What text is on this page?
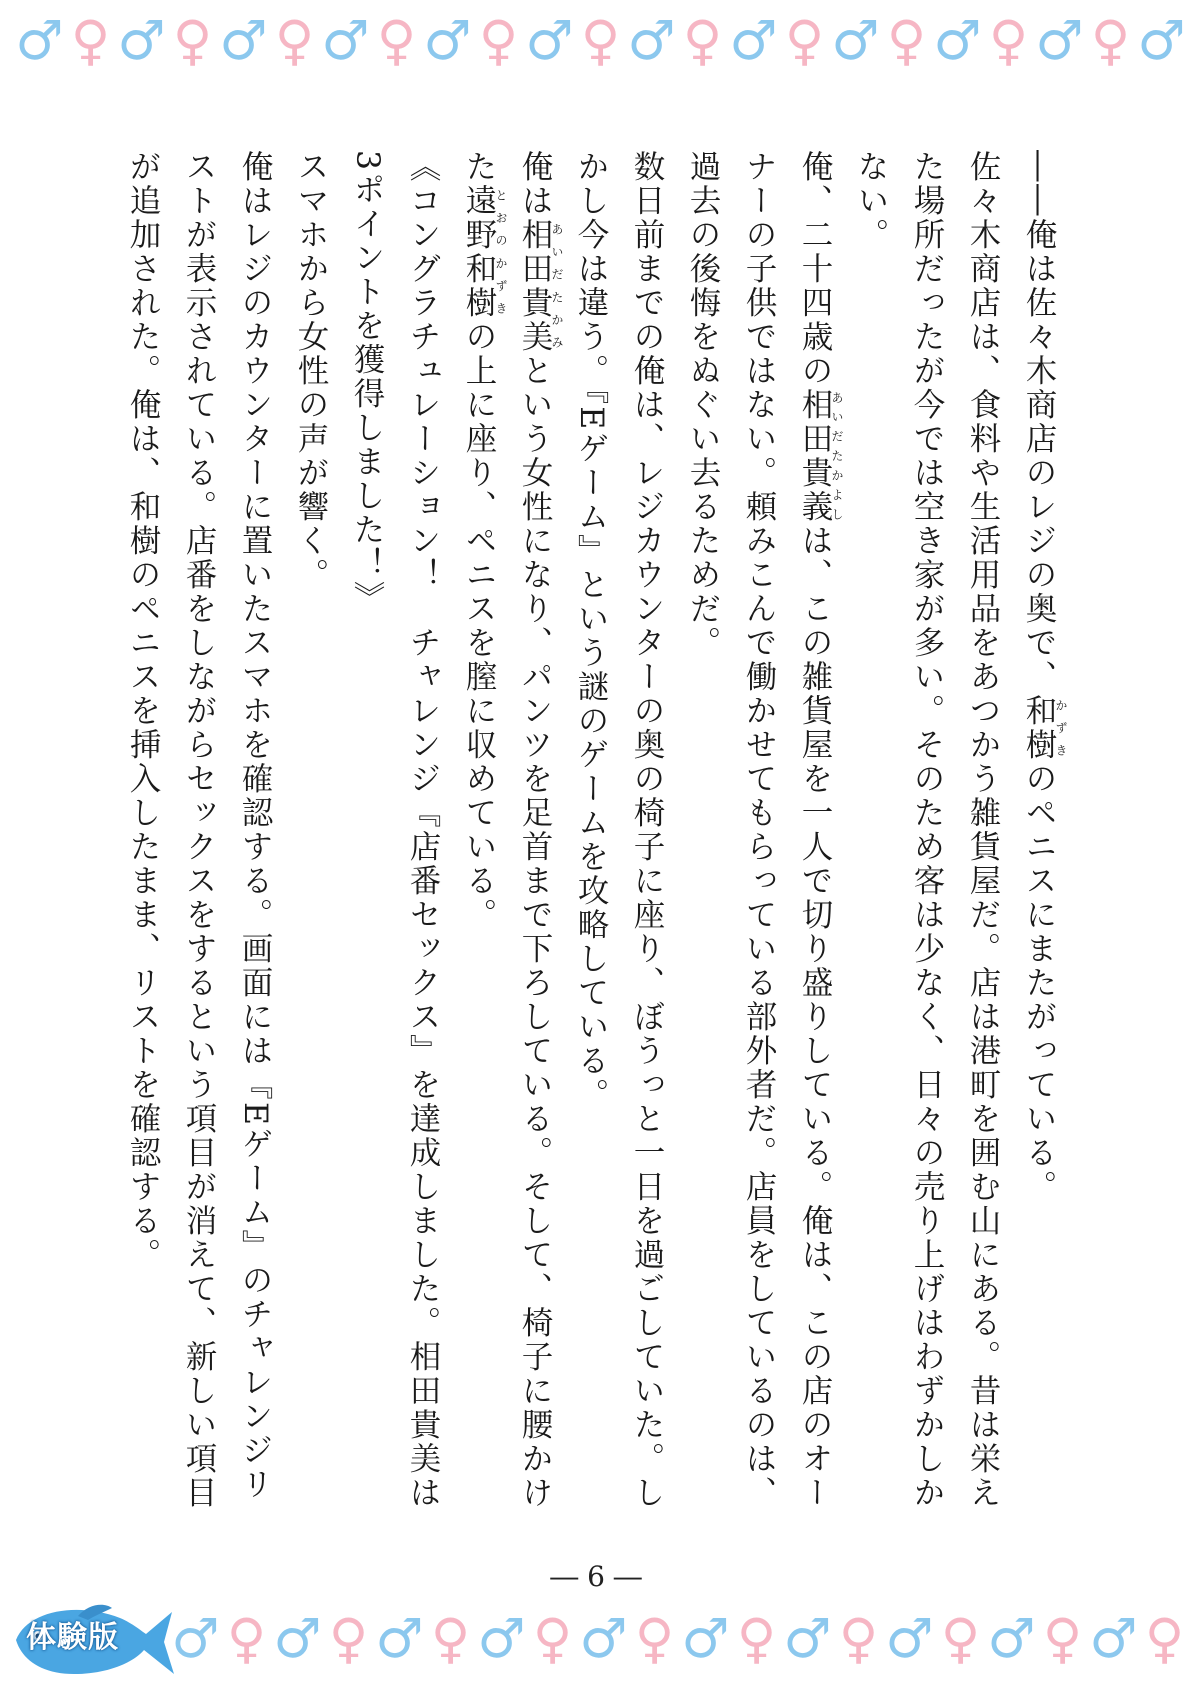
♂ ♀ ♂ ♀ ♂ ♀ ♂ ♀ ♂ ♀ ♂ ♀ ♂ ♀ ♂ ♀ ♂ ♀ ♂ ♀ ♂ ♀ ♂

――俺は佐々木商店のレジの奥で、和樹かずきのペニスにまたがっている。

佐々木商店は、食料や生活用品をあつかう雑貨屋だ。店は港町を囲む山にある。昔は栄えた場所だったが今では空き家が多い。そのため客は少なく、日々の売り上げはわずかしかない。

俺、二十四歳の相田貴義あいだたかよしは、この雑貨屋を一人で切り盛りしている。俺は、この店のオーナーの子供ではない。頼みこんで働かせてもらっている部外者だ。店員をしているのは、過去の後悔をぬぐい去るためだ。

数日前までの俺は、レジカウンターの奥の椅子に座り、ぼうっと一日を過ごしていた。しかし今は違う。『Eゲーム』という謎のゲームを攻略している。

俺は相田貴美あいだたかみという女性になり、パンツを足首まで下ろしている。そして、椅子に腰かけた遠野和樹とおのかずきの上に座り、ペニスを膣に収めている。

《コングラチュレーション！　チャレンジ『店番セックス』を達成しました。相田貴美は3ポイントを獲得しました！》

スマホから女性の声が響く。

俺はレジのカウンターに置いたスマホを確認する。画面には『Eゲーム』のチャレンジリストが表示されている。店番をしながらセックスをするという項目が消えて、新しい項目が追加された。俺は、和樹のペニスを挿入したまま、リストを確認する。

― 6 ―
♂ ♀ ♂ ♀ ♂ ♀ ♂ ♀ ♂ ♀ ♂ ♀ ♂ ♀ ♂ ♀ ♂ ♀ ♂ ♀
体験版
